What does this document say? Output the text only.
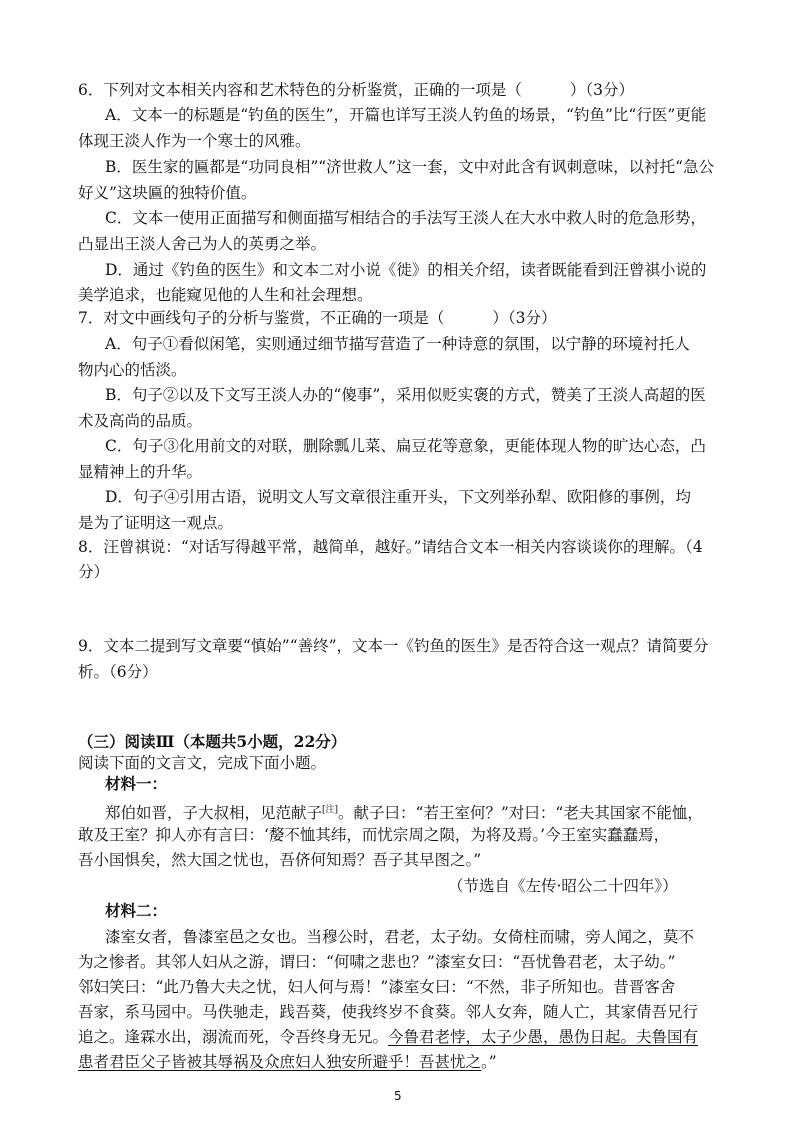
6．下列对文本相关内容和艺术特色的分析鉴赏，正确的一项是（	）（3分）
A．文本一的标题是“钓鱼的医生”，开篇也详写王淡人钓鱼的场景，“钓鱼”比“行医”更能
体现王淡人作为一个寒士的风雅。
B．医生家的匾都是“功同良相”“济世救人”这一套，文中对此含有讽刺意味，以衬托“急公
好义”这块匾的独特价值。
C．文本一使用正面描写和侧面描写相结合的手法写王淡人在大水中救人时的危急形势，
凸显出王淡人舍己为人的英勇之举。
D．通过《钓鱼的医生》和文本二对小说《徙》的相关介绍，读者既能看到汪曾祺小说的
美学追求，也能窥见他的人生和社会理想。
7．对文中画线句子的分析与鉴赏，不正确的一项是（	）（3分）
A．句子①看似闲笔，实则通过细节描写营造了一种诗意的氛围，以宁静的环境衬托人
物内心的恬淡。
B．句子②以及下文写王淡人办的“傻事”，采用似贬实褒的方式，赞美了王淡人高超的医
术及高尚的品质。
C．句子③化用前文的对联，删除瓢儿菜、扁豆花等意象，更能体现人物的旷达心态，凸
显精神上的升华。
D．句子④引用古语，说明文人写文章很注重开头，下文列举孙犁、欧阳修的事例，均
是为了证明这一观点。
8．汪曾祺说：“对话写得越平常，越简单，越好。”请结合文本一相关内容谈谈你的理解。（4
分）
9．文本二提到写文章要“慎始”“善终”，文本一《钓鱼的医生》是否符合这一观点？请简要分
析。（6分）
（三）阅读Ⅲ（本题共5小题，22分）
阅读下面的文言文，完成下面小题。
材料一：
郑伯如晋，子大叔相，见范献子[注]。献子曰：“若王室何？”对曰：“老夫其国家不能恤，
敢及王室？抑人亦有言曰：‘嫠不恤其纬，而忧宗周之陨，为将及焉。’今王室实蠢蠢焉，
吾小国惧矣，然大国之忧也，吾侪何知焉？吾子其早图之。”
（节选自《左传·昭公二十四年》）
材料二：
漆室女者，鲁漆室邑之女也。当穆公时，君老，太子幼。女倚柱而啸，旁人闻之，莫不
为之惨者。其邻人妇从之游，谓曰：“何啸之悲也？”漆室女曰：“吾忧鲁君老，太子幼。”
邻妇笑曰：“此乃鲁大夫之忧，妇人何与焉！”漆室女曰：“不然，非子所知也。昔晋客舍
吾家，系马园中。马佚驰走，践吾葵，使我终岁不食葵。邻人女奔，随人亡，其家倩吾兄行
追之。逢霖水出，溺流而死，令吾终身无兄。今鲁君老悖，太子少愚，愚伪日起。夫鲁国有
患者君臣父子皆被其辱祸及众庶妇人独安所避乎！吾甚忧之。”
5
